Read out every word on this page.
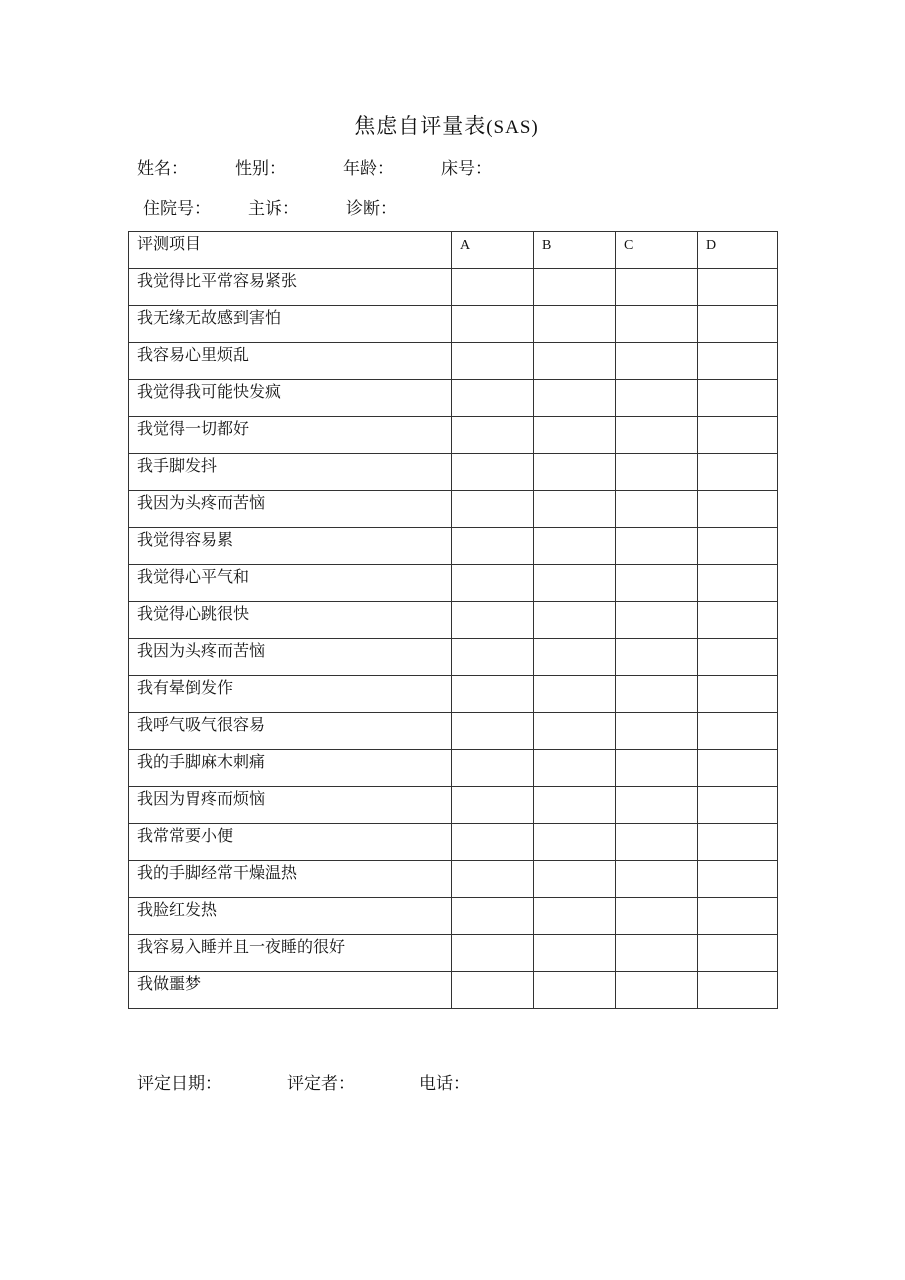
焦虑自评量表(SAS)
姓名：	性别：	年龄：	床号：
住院号： 主诉：	诊断：
评测项目	A	B	C	D
我觉得比平常容易紧张				
我无缘无故感到害怕				
我容易心里烦乱				
我觉得我可能快发疯				
我觉得一切都好				
我手脚发抖				
我因为头疼而苦恼				
我觉得容易累				
我觉得心平气和				
我觉得心跳很快				
我因为头疼而苦恼				
我有晕倒发作				
我呼气吸气很容易				
我的手脚麻木刺痛				
我因为胃疼而烦恼				
我常常要小便				
我的手脚经常干燥温热				
我脸红发热				
我容易入睡并且一夜睡的很好				
我做噩梦				
评定日期：	评定者：	电话：
